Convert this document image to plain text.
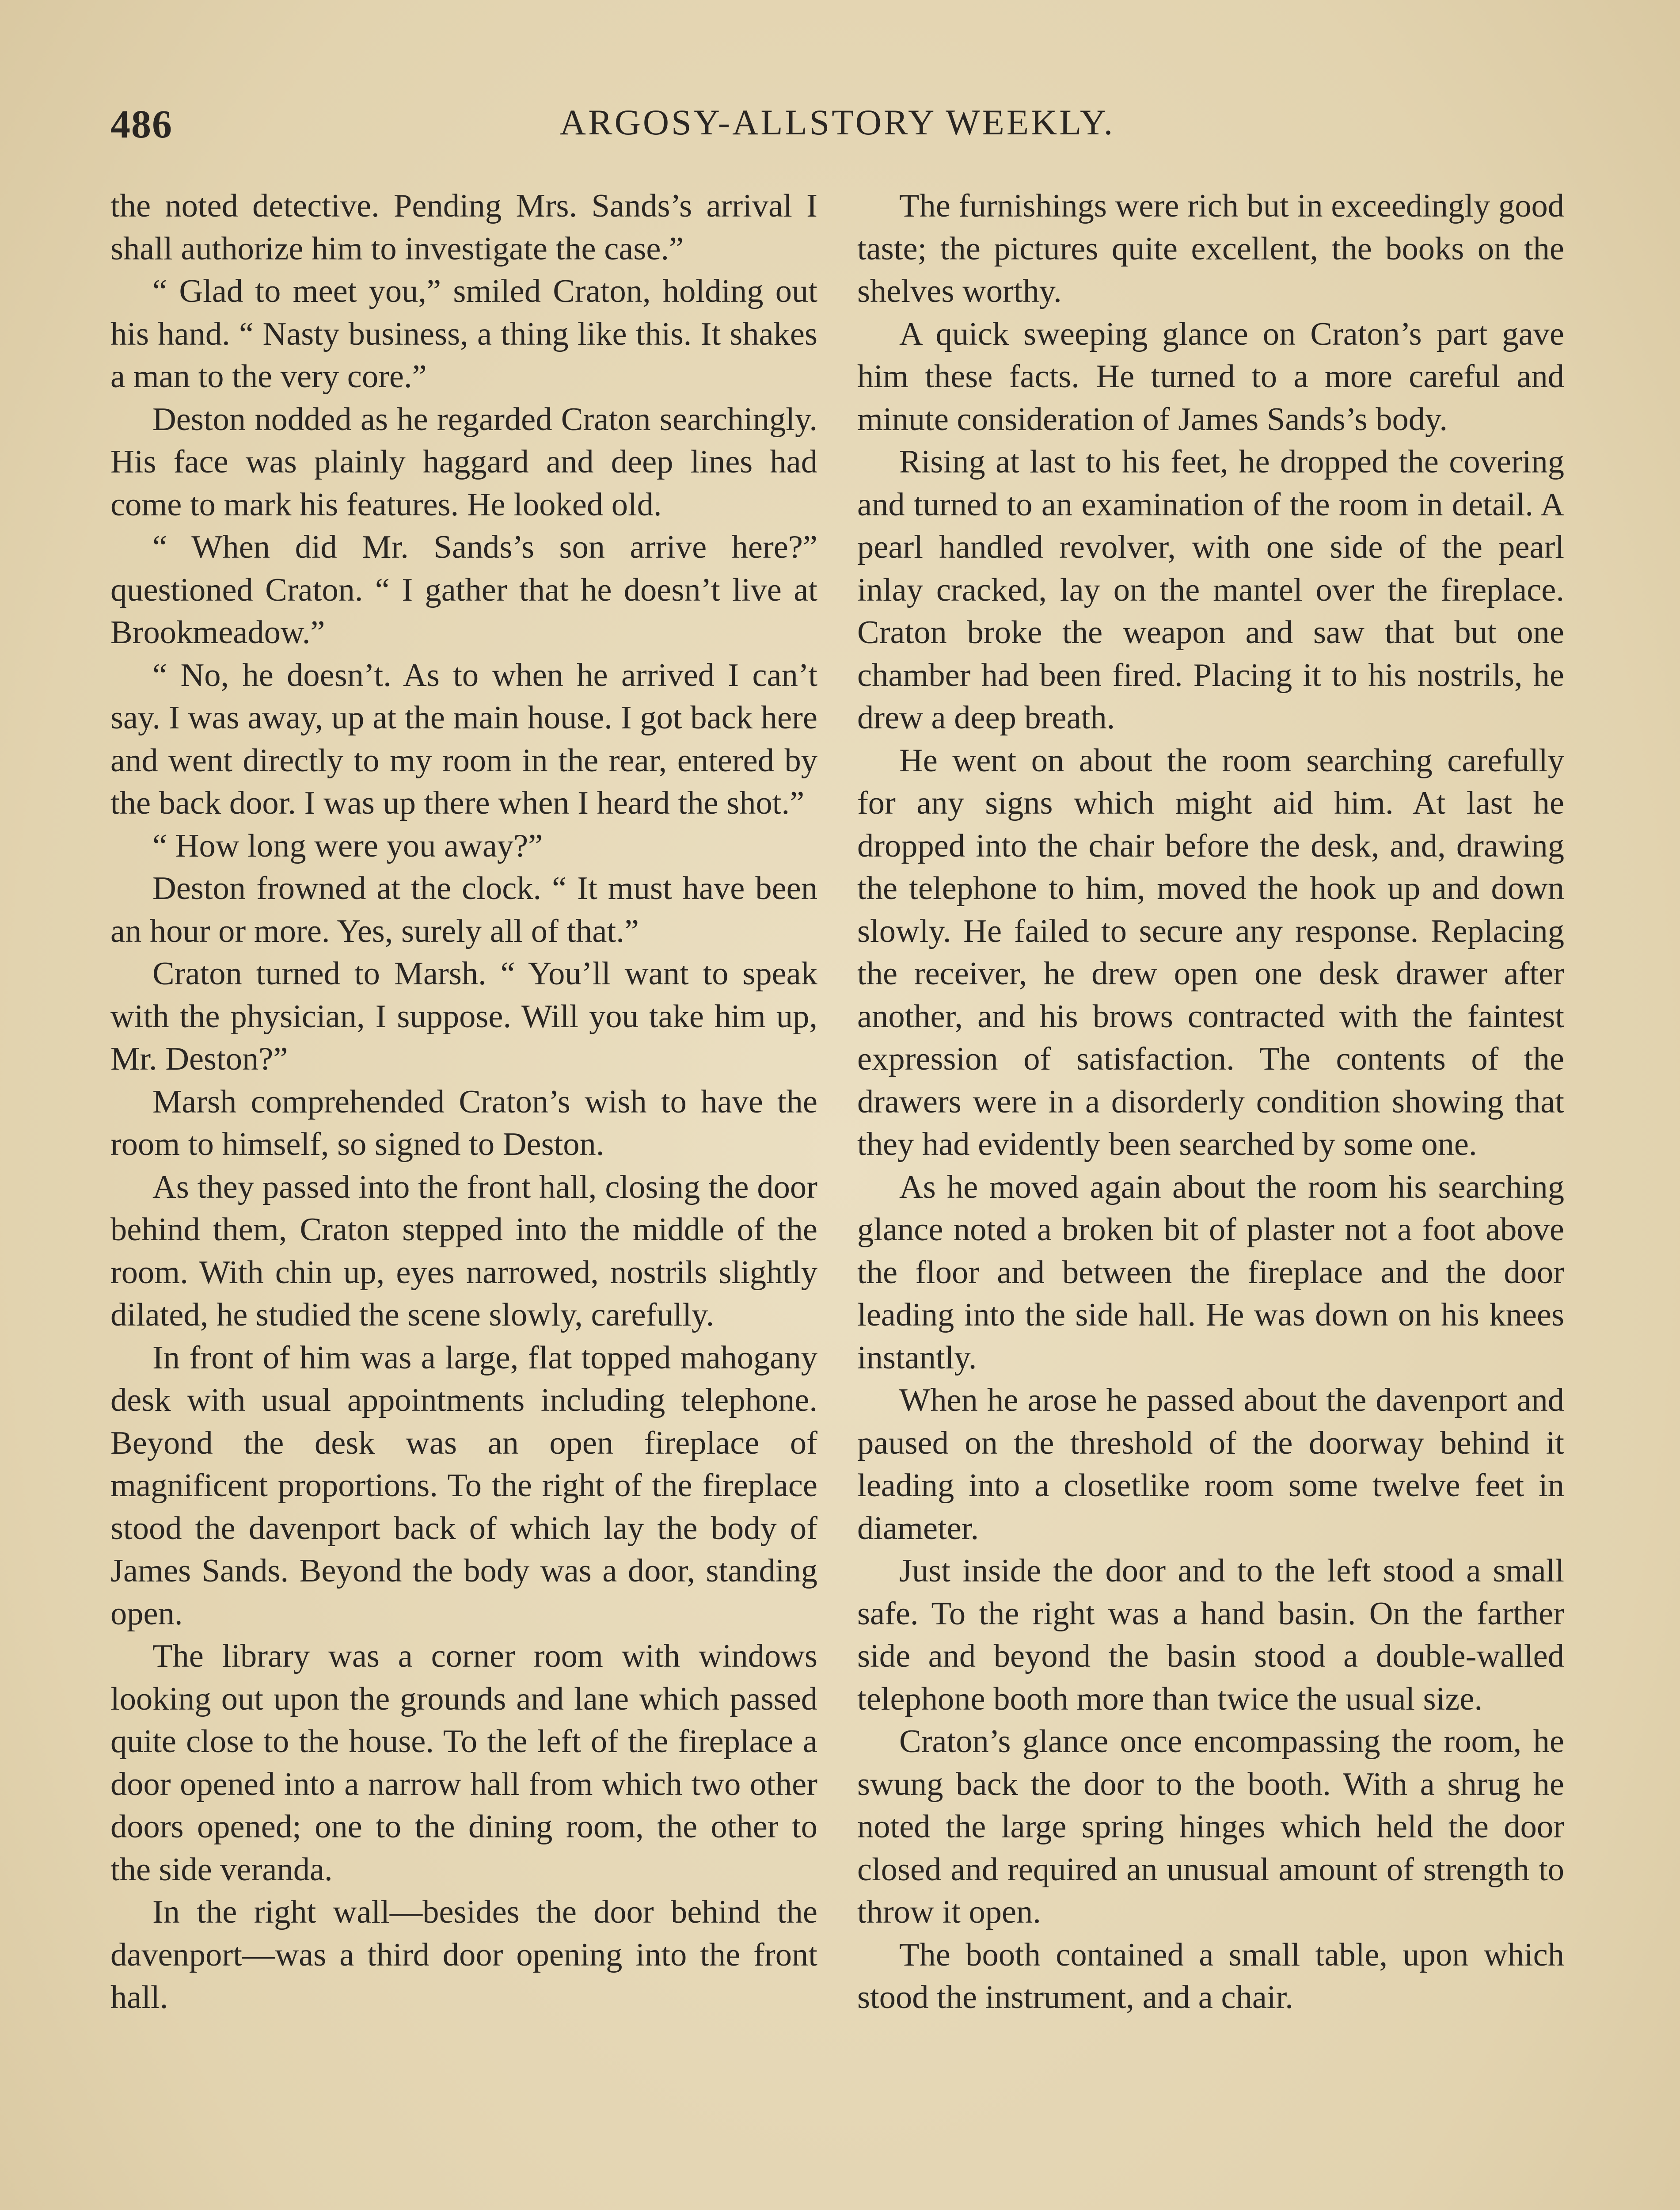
486	ARGOSY-ALLSTORY WEEKLY.

the noted detective. Pending Mrs. Sands’s arrival I shall authorize him to investigate the case.”

“ Glad to meet you,” smiled Craton, holding out his hand. “ Nasty business, a thing like this. It shakes a man to the very core.”

Deston nodded as he regarded Craton searchingly. His face was plainly haggard and deep lines had come to mark his features. He looked old.

“ When did Mr. Sands’s son arrive here?” questioned Craton. “ I gather that he doesn’t live at Brookmeadow.”

“ No, he doesn’t. As to when he arrived I can’t say. I was away, up at the main house. I got back here and went directly to my room in the rear, entered by the back door. I was up there when I heard the shot.”

“ How long were you away?”

Deston frowned at the clock. “ It must have been an hour or more. Yes, surely all of that.”

Craton turned to Marsh. “ You’ll want to speak with the physician, I suppose. Will you take him up, Mr. Deston?”

Marsh comprehended Craton’s wish to have the room to himself, so signed to Deston.

As they passed into the front hall, closing the door behind them, Craton stepped into the middle of the room. With chin up, eyes narrowed, nostrils slightly dilated, he studied the scene slowly, carefully.

In front of him was a large, flat topped mahogany desk with usual appointments including telephone. Beyond the desk was an open fireplace of magnificent proportions. To the right of the fireplace stood the davenport back of which lay the body of James Sands. Beyond the body was a door, standing open.

The library was a corner room with windows looking out upon the grounds and lane which passed quite close to the house. To the left of the fireplace a door opened into a narrow hall from which two other doors opened; one to the dining room, the other to the side veranda.

In the right wall—besides the door behind the davenport—was a third door opening into the front hall.

The furnishings were rich but in exceedingly good taste; the pictures quite excellent, the books on the shelves worthy.

A quick sweeping glance on Craton’s part gave him these facts. He turned to a more careful and minute consideration of James Sands’s body.

Rising at last to his feet, he dropped the covering and turned to an examination of the room in detail. A pearl handled revolver, with one side of the pearl inlay cracked, lay on the mantel over the fireplace. Craton broke the weapon and saw that but one chamber had been fired. Placing it to his nostrils, he drew a deep breath.

He went on about the room searching carefully for any signs which might aid him. At last he dropped into the chair before the desk, and, drawing the telephone to him, moved the hook up and down slowly. He failed to secure any response. Replacing the receiver, he drew open one desk drawer after another, and his brows contracted with the faintest expression of satisfaction. The contents of the drawers were in a disorderly condition showing that they had evidently been searched by some one.

As he moved again about the room his searching glance noted a broken bit of plaster not a foot above the floor and between the fireplace and the door leading into the side hall. He was down on his knees instantly.

When he arose he passed about the davenport and paused on the threshold of the doorway behind it leading into a closetlike room some twelve feet in diameter.

Just inside the door and to the left stood a small safe. To the right was a hand basin. On the farther side and beyond the basin stood a double-walled telephone booth more than twice the usual size.

Craton’s glance once encompassing the room, he swung back the door to the booth. With a shrug he noted the large spring hinges which held the door closed and required an unusual amount of strength to throw it open.

The booth contained a small table, upon which stood the instrument, and a chair.
